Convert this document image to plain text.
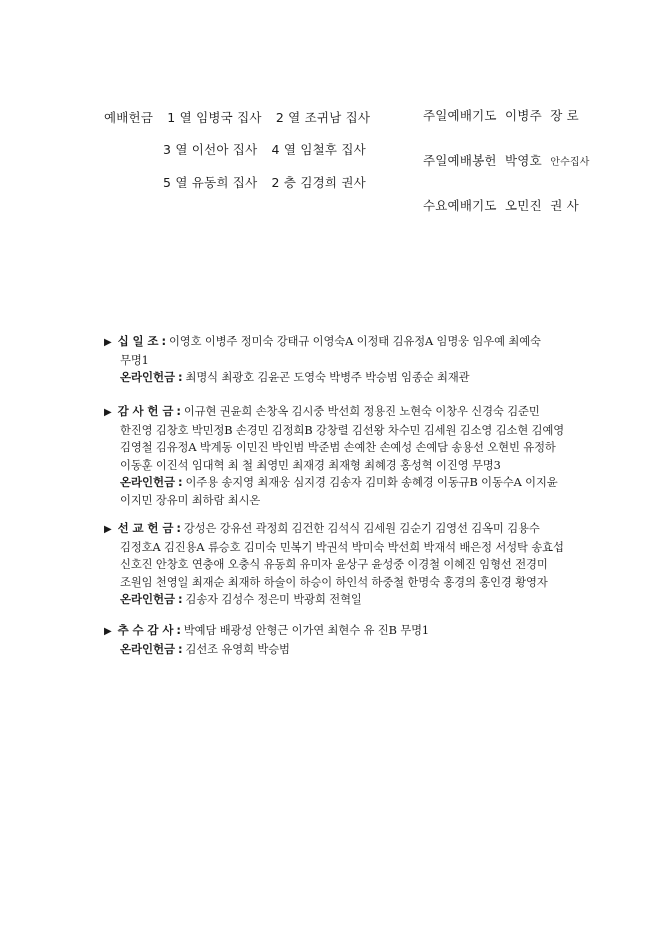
예배헌금 1 열 임병국 집사 2 열 조귀남 집사
3 열 이선아 집사 4 열 임철후 집사
5 열 유동희 집사 2 층 김경희 권사
주일예배기도 이병주 장 로
주일예배봉헌 박영호 안수집사
수요예배기도 오민진 권 사
▶ 십 일 조 : 이영호 이병주 정미숙 강태규 이영숙A 이정태 김유정A 임명웅 임우예 최예숙
무명1
온라인헌금 : 최명식 최광호 김윤곤 도영숙 박병주 박승범 임종순 최재관
▶ 감 사 헌 금 : 이규현 권윤희 손창옥 김시중 박선희 정용진 노현숙 이창우 신경숙 김준민
한진영 김창호 박민정B 손경민 김정희B 강창렬 김선왕 차수민 김세원 김소영 김소현 김예영
김영철 김유정A 박계동 이민진 박인범 박준범 손예찬 손예성 손예담 송용선 오현빈 유정하
이동훈 이진석 임대혁 최 철 최영민 최재경 최재형 최혜경 홍성혁 이진영 무명3
온라인헌금 : 이주용 송지영 최재웅 심지경 김송자 김미화 송혜경 이동규B 이동수A 이지윤
이지민 장유미 최하람 최시온
▶ 선 교 헌 금 : 강성은 강유선 곽정희 김건한 김석식 김세원 김순기 김영선 김옥미 김용수
김정호A 김진용A 류승호 김미숙 민복기 박권석 박미숙 박선희 박재석 배은정 서성탁 송효섭
신호진 안창호 연충애 오충식 유동희 유미자 윤상구 윤성중 이경철 이혜진 임형선 전경미
조원임 천영일 최재순 최재하 하술이 하승이 하인석 하중철 한명숙 홍경의 홍인경 황영자
온라인헌금 : 김송자 김성수 정은미 박광희 전혁일
▶ 추 수 감 사 : 박예담 배광성 안형근 이가연 최현수 유 진B 무명1
온라인헌금 : 김선조 유영희 박승범
